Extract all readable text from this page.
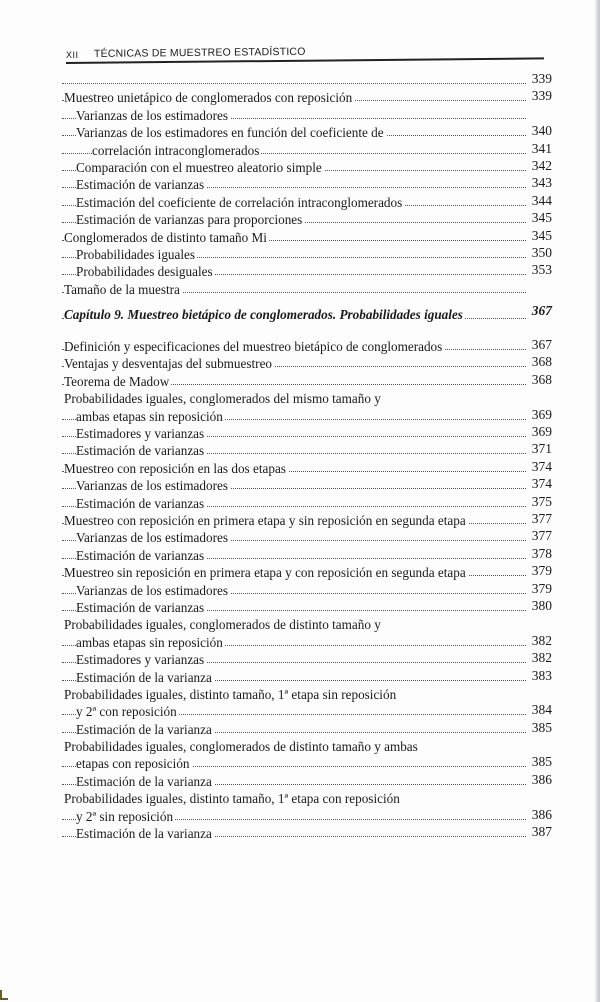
XII TÉCNICAS DE MUESTREO ESTADÍSTICO
339
Muestreo unietápico de conglomerados con reposición	339
Varianzas de los estimadores
Varianzas de los estimadores en función del coeficiente de	340
correlación intraconglomerados	341
Comparación con el muestreo aleatorio simple	342
Estimación de varianzas	343
Estimación del coeficiente de correlación intraconglomerados	344
Estimación de varianzas para proporciones	345
Conglomerados de distinto tamaño Mi	345
Probabilidades iguales	350
Probabilidades desiguales	353
Tamaño de la muestra
Capítulo 9. Muestreo bietápico de conglomerados. Probabilidades iguales	367
Definición y especificaciones del muestreo bietápico de conglomerados	367
Ventajas y desventajas del submuestreo	368
Teorema de Madow	368
Probabilidades iguales, conglomerados del mismo tamaño y
ambas etapas sin reposición	369
Estimadores y varianzas	369
Estimación de varianzas	371
Muestreo con reposición en las dos etapas	374
Varianzas de los estimadores	374
Estimación de varianzas	375
Muestreo con reposición en primera etapa y sin reposición en segunda etapa	377
Varianzas de los estimadores	377
Estimación de varianzas	378
Muestreo sin reposición en primera etapa y con reposición en segunda etapa	379
Varianzas de los estimadores	379
Estimación de varianzas	380
Probabilidades iguales, conglomerados de distinto tamaño y
ambas etapas sin reposición	382
Estimadores y varianzas	382
Estimación de la varianza	383
Probabilidades iguales, distinto tamaño, 1ª etapa sin reposición
y 2ª con reposición	384
Estimación de la varianza	385
Probabilidades iguales, conglomerados de distinto tamaño y ambas
etapas con reposición	385
Estimación de la varianza	386
Probabilidades iguales, distinto tamaño, 1ª etapa con reposición
y 2ª sin reposición	386
Estimación de la varianza	387
